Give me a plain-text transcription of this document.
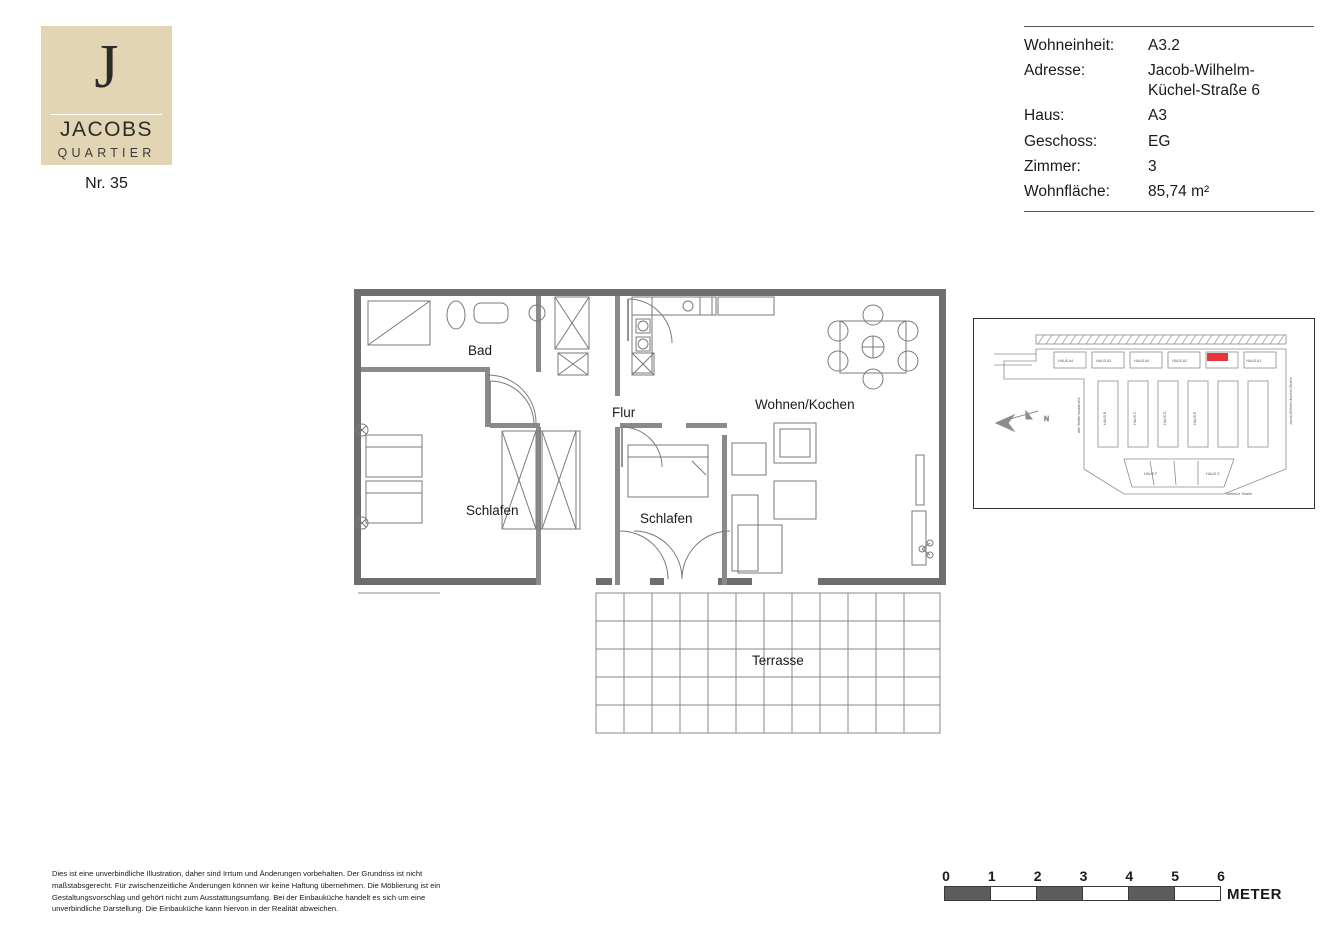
J
JACOBS
QUARTIER
Nr. 35
Wohneinheit:	A3.2
Adresse:	Jacob-Wilhelm-
Küchel-Straße 6
Haus:	A3
Geschoss:	EG
Zimmer:	3
Wohnfläche:	85,74 m²
Bad
Flur
Wohnen/Kochen
Schlafen
Schlafen
Terrasse
N
HAUS A4	HAUS A3	HAUS A4	HAUS A2	HAUS A1
HAUS B	HAUS C	HAUS D	HAUS E
HAUS F	HAUS G
Jacob-Wilhelm-Küchel-Straße
Alte Wetterhausstraße
Wetterlor Straße
Dies ist eine unverbindliche Illustration, daher sind Irrtum und Änderungen vorbehalten. Der Grundriss ist nicht maßstabsgerecht. Für zwischenzeitliche Änderungen können wir keine Haftung übernehmen. Die Möblierung ist ein Gestaltungsvorschlag und gehört nicht zum Ausstattungsumfang. Bei der Einbauküche handelt es sich um eine unverbindliche Darstellung. Die Einbauküche kann hiervon in der Realität abweichen.
0	1	2	3	4	5	6
METER
